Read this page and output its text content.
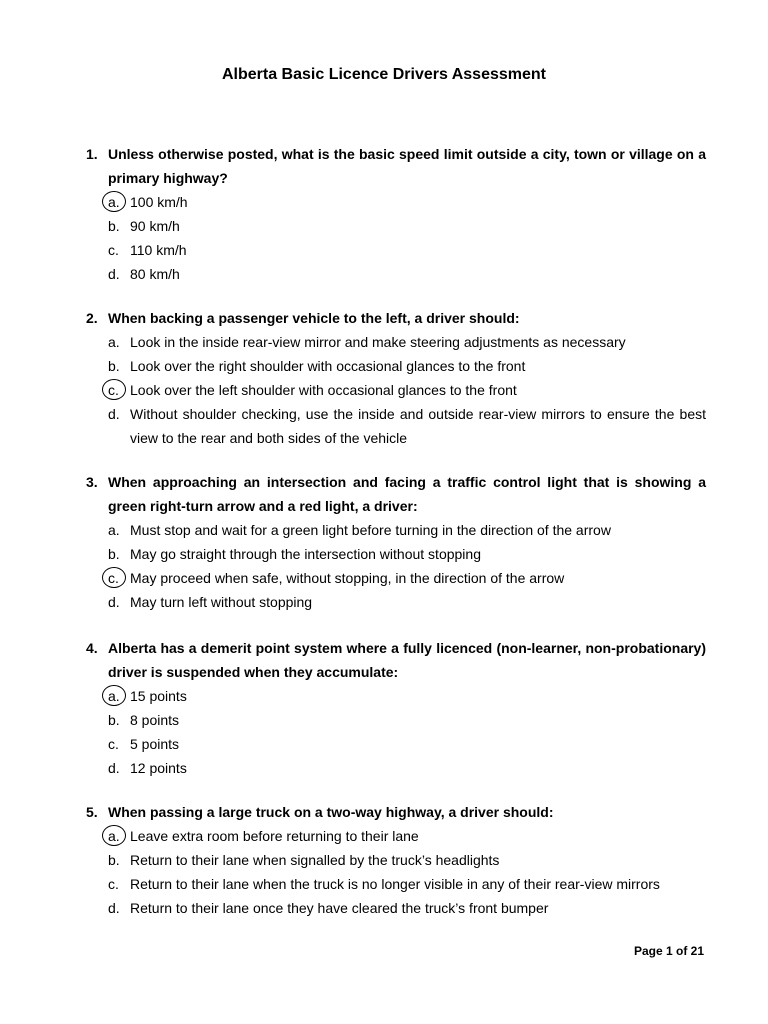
Alberta Basic Licence Drivers Assessment
1. Unless otherwise posted, what is the basic speed limit outside a city, town or village on a primary highway?
a. 100 km/h
b. 90 km/h
c. 110 km/h
d. 80 km/h
2. When backing a passenger vehicle to the left, a driver should:
a. Look in the inside rear-view mirror and make steering adjustments as necessary
b. Look over the right shoulder with occasional glances to the front
c. Look over the left shoulder with occasional glances to the front
d. Without shoulder checking, use the inside and outside rear-view mirrors to ensure the best view to the rear and both sides of the vehicle
3. When approaching an intersection and facing a traffic control light that is showing a green right-turn arrow and a red light, a driver:
a. Must stop and wait for a green light before turning in the direction of the arrow
b. May go straight through the intersection without stopping
c. May proceed when safe, without stopping, in the direction of the arrow
d. May turn left without stopping
4. Alberta has a demerit point system where a fully licenced (non-learner, non-probationary) driver is suspended when they accumulate:
a. 15 points
b. 8 points
c. 5 points
d. 12 points
5. When passing a large truck on a two-way highway, a driver should:
a. Leave extra room before returning to their lane
b. Return to their lane when signalled by the truck’s headlights
c. Return to their lane when the truck is no longer visible in any of their rear-view mirrors
d. Return to their lane once they have cleared the truck’s front bumper
Page 1 of 21
